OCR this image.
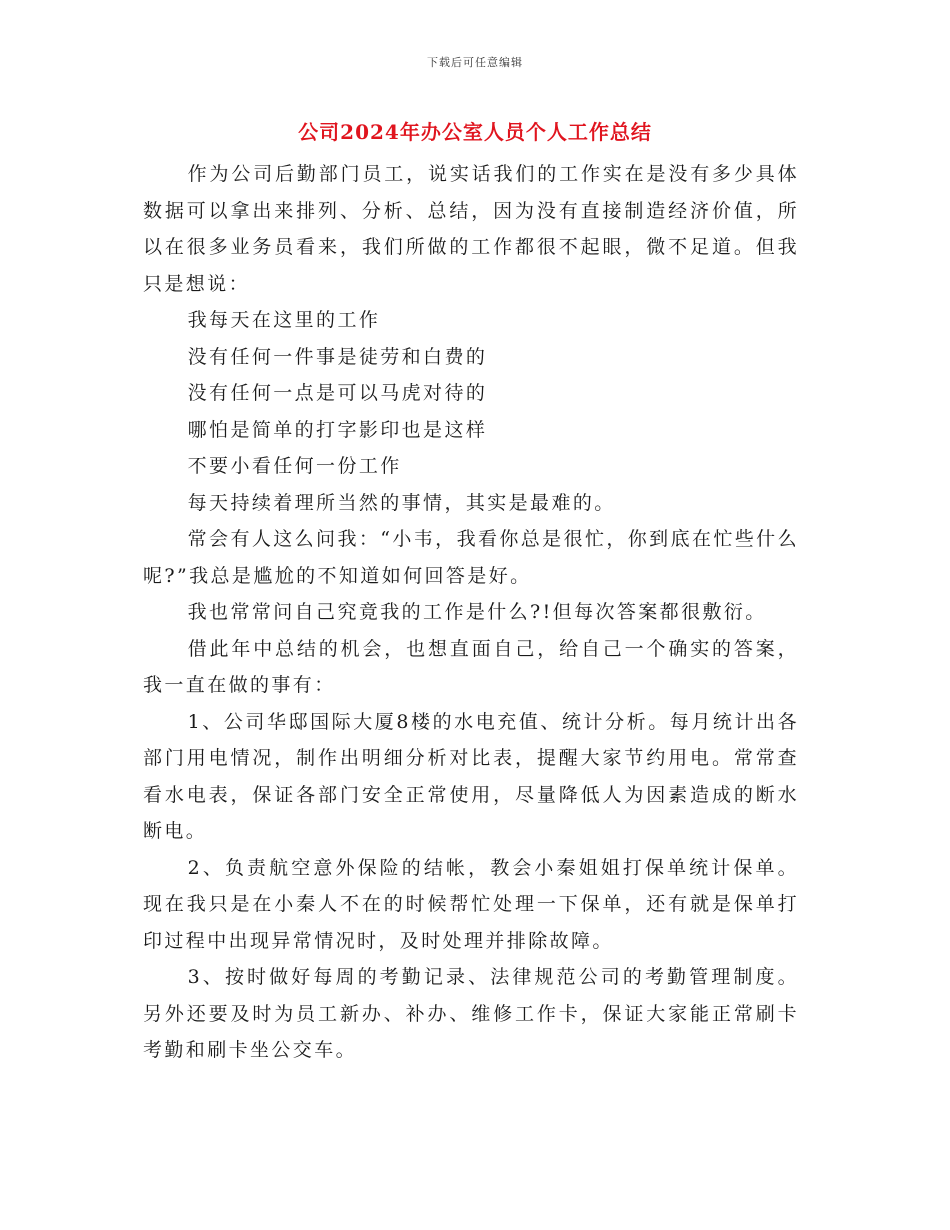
下载后可任意编辑
公司2024年办公室人员个人工作总结

作为公司后勤部门员工，说实话我们的工作实在是没有多少具体数据可以拿出来排列、分析、总结，因为没有直接制造经济价值，所以在很多业务员看来，我们所做的工作都很不起眼，微不足道。但我只是想说：

我每天在这里的工作

没有任何一件事是徒劳和白费的

没有任何一点是可以马虎对待的

哪怕是简单的打字影印也是这样

不要小看任何一份工作

每天持续着理所当然的事情，其实是最难的。

常会有人这么问我：“小韦，我看你总是很忙，你到底在忙些什么呢?”我总是尴尬的不知道如何回答是好。

我也常常问自己究竟我的工作是什么?!但每次答案都很敷衍。

借此年中总结的机会，也想直面自己，给自己一个确实的答案，我一直在做的事有：

1、公司华邸国际大厦8楼的水电充值、统计分析。每月统计出各部门用电情况，制作出明细分析对比表，提醒大家节约用电。常常查看水电表，保证各部门安全正常使用，尽量降低人为因素造成的断水断电。

2、负责航空意外保险的结帐，教会小秦姐姐打保单统计保单。现在我只是在小秦人不在的时候帮忙处理一下保单，还有就是保单打印过程中出现异常情况时，及时处理并排除故障。

3、按时做好每周的考勤记录、法律规范公司的考勤管理制度。另外还要及时为员工新办、补办、维修工作卡，保证大家能正常刷卡考勤和刷卡坐公交车。
